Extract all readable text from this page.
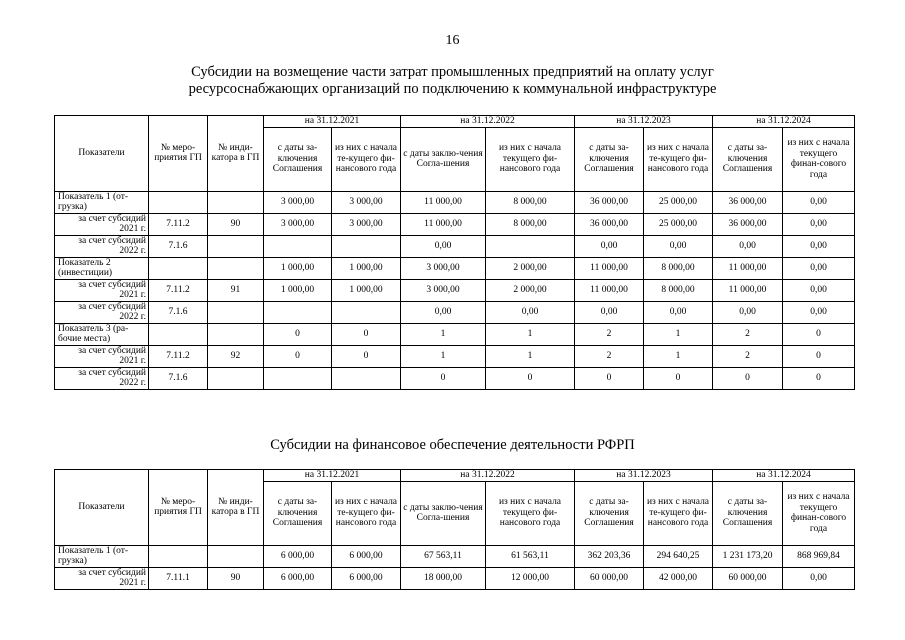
16
Субсидии на возмещение части затрат промышленных предприятий на оплату услуг
ресурсоснабжающих организаций по подключению к коммунальной инфраструктуре
Показатели	№ меро-приятия ГП	№ инди-катора в ГП	на 31.12.2021		на 31.12.2022		на 31.12.2023		на 31.12.2024	
			с даты за-ключения Соглашения	из них с начала те-кущего фи-нансового года	с даты заклю-чения Согла-шения	из них с начала текущего фи-нансового года	с даты за-ключения Соглашения	из них с начала те-кущего фи-нансового года	с даты за-ключения Соглашения	из них с начала текущего финан-сового года
Показатель 1 (от-грузка)			3 000,00	3 000,00	11 000,00	8 000,00	36 000,00	25 000,00	36 000,00	0,00
за счет субсидий 2021 г.	7.11.2	90	3 000,00	3 000,00	11 000,00	8 000,00	36 000,00	25 000,00	36 000,00	0,00
за счет субсидий 2022 г.	7.1.6				0,00		0,00	0,00	0,00	0,00
Показатель 2 (инвестиции)			1 000,00	1 000,00	3 000,00	2 000,00	11 000,00	8 000,00	11 000,00	0,00
за счет субсидий 2021 г.	7.11.2	91	1 000,00	1 000,00	3 000,00	2 000,00	11 000,00	8 000,00	11 000,00	0,00
за счет субсидий 2022 г.	7.1.6				0,00	0,00	0,00	0,00	0,00	0,00
Показатель 3 (ра-бочие места)			0	0	1	1	2	1	2	0
за счет субсидий 2021 г.	7.11.2	92	0	0	1	1	2	1	2	0
за счет субсидий 2022 г.	7.1.6				0	0	0	0	0	0
Субсидии на финансовое обеспечение деятельности РФРП
Показатели	№ меро-приятия ГП	№ инди-катора в ГП	на 31.12.2021		на 31.12.2022		на 31.12.2023		на 31.12.2024	
			с даты за-ключения Соглашения	из них с начала те-кущего фи-нансового года	с даты заклю-чения Согла-шения	из них с начала текущего фи-нансового года	с даты за-ключения Соглашения	из них с начала те-кущего фи-нансового года	с даты за-ключения Соглашения	из них с начала текущего финан-сового года
Показатель 1 (от-грузка)			6 000,00	6 000,00	67 563,11	61 563,11	362 203,36	294 640,25	1 231 173,20	868 969,84
за счет субсидий 2021 г.	7.11.1	90	6 000,00	6 000,00	18 000,00	12 000,00	60 000,00	42 000,00	60 000,00	0,00
